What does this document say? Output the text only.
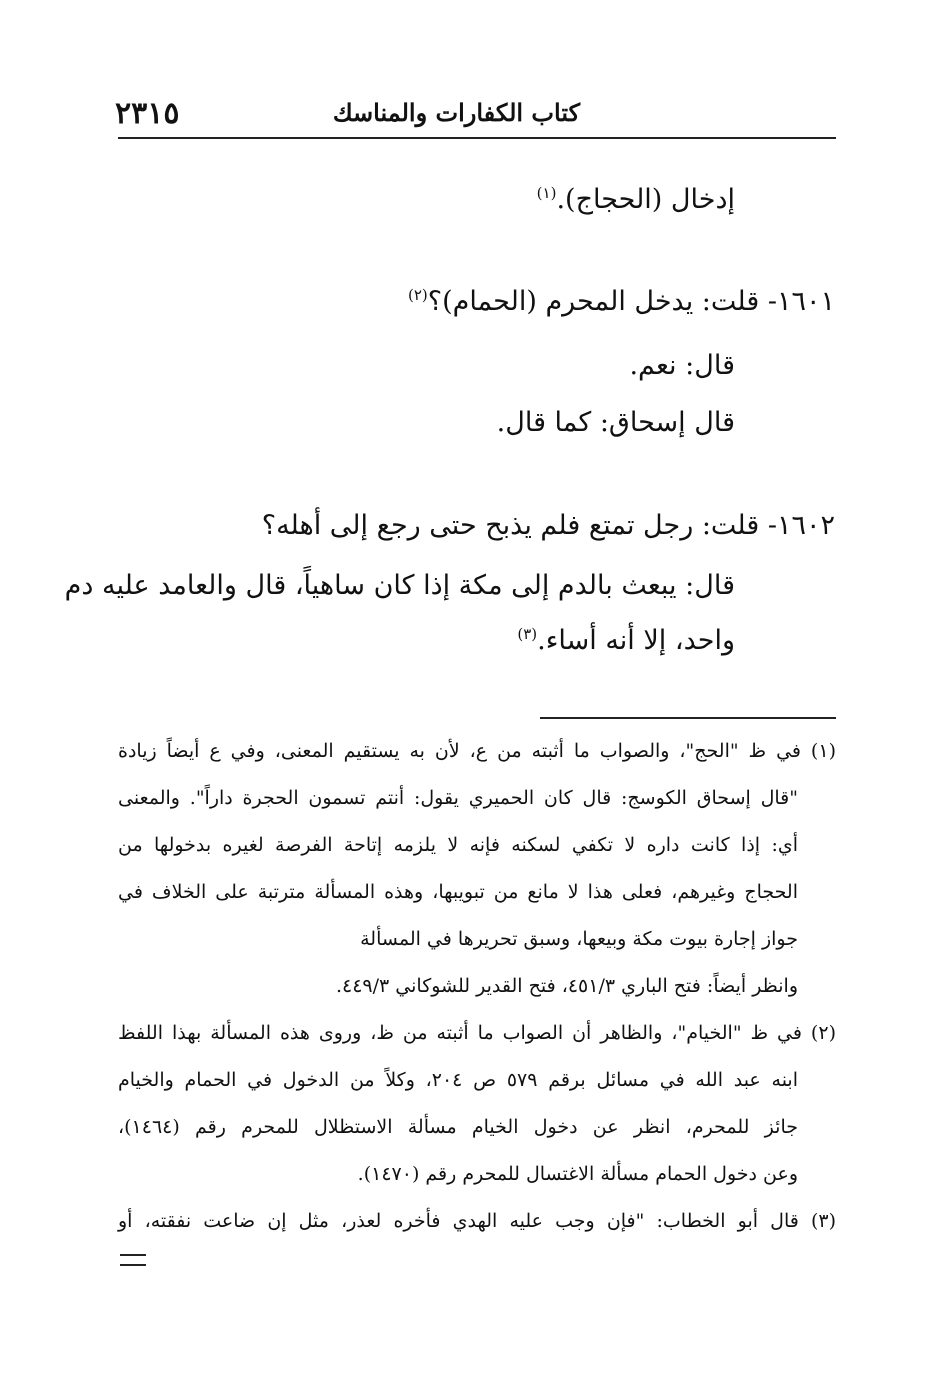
٢٣١٥	كتاب الكفارات والمناسك
إدخال (الحجاج).$^{(١)}$
١٦٠١- قلت: يدخل المحرم (الحمام)؟$^{(٢)}$
قال: نعم.
قال إسحاق: كما قال.
١٦٠٢- قلت: رجل تمتع فلم يذبح حتى رجع إلى أهله؟
قال: يبعث بالدم إلى مكة إذا كان ساهياً، قال والعامد عليه دم
واحد، إلا أنه أساء.$^{(٣)}$
(١) في ظ "الحج"، والصواب ما أثبته من ع، لأن به يستقيم المعنى، وفي ع أيضاً زيادة
"قال إسحاق الكوسج: قال كان الحميري يقول: أنتم تسمون الحجرة داراً". والمعنى
أي: إذا كانت داره لا تكفي لسكنه فإنه لا يلزمه إتاحة الفرصة لغيره بدخولها من
الحجاج وغيرهم، فعلى هذا لا مانع من تبويبها، وهذه المسألة مترتبة على الخلاف في
جواز إجارة بيوت مكة وبيعها، وسبق تحريرها في المسألة
وانظر أيضاً: فتح الباري ٤٥١/٣، فتح القدير للشوكاني ٤٤٩/٣.
(٢) في ظ "الخيام"، والظاهر أن الصواب ما أثبته من ظ، وروى هذه المسألة بهذا اللفظ
ابنه عبد الله في مسائل برقم ٥٧٩ ص ٢٠٤، وكلاً من الدخول في الحمام والخيام
جائز للمحرم، انظر عن دخول الخيام مسألة الاستظلال للمحرم رقم (١٤٦٤)،
وعن دخول الحمام مسألة الاغتسال للمحرم رقم (١٤٧٠).
(٣) قال أبو الخطاب: "فإن وجب عليه الهدي فأخره لعذر، مثل إن ضاعت نفقته، أو
